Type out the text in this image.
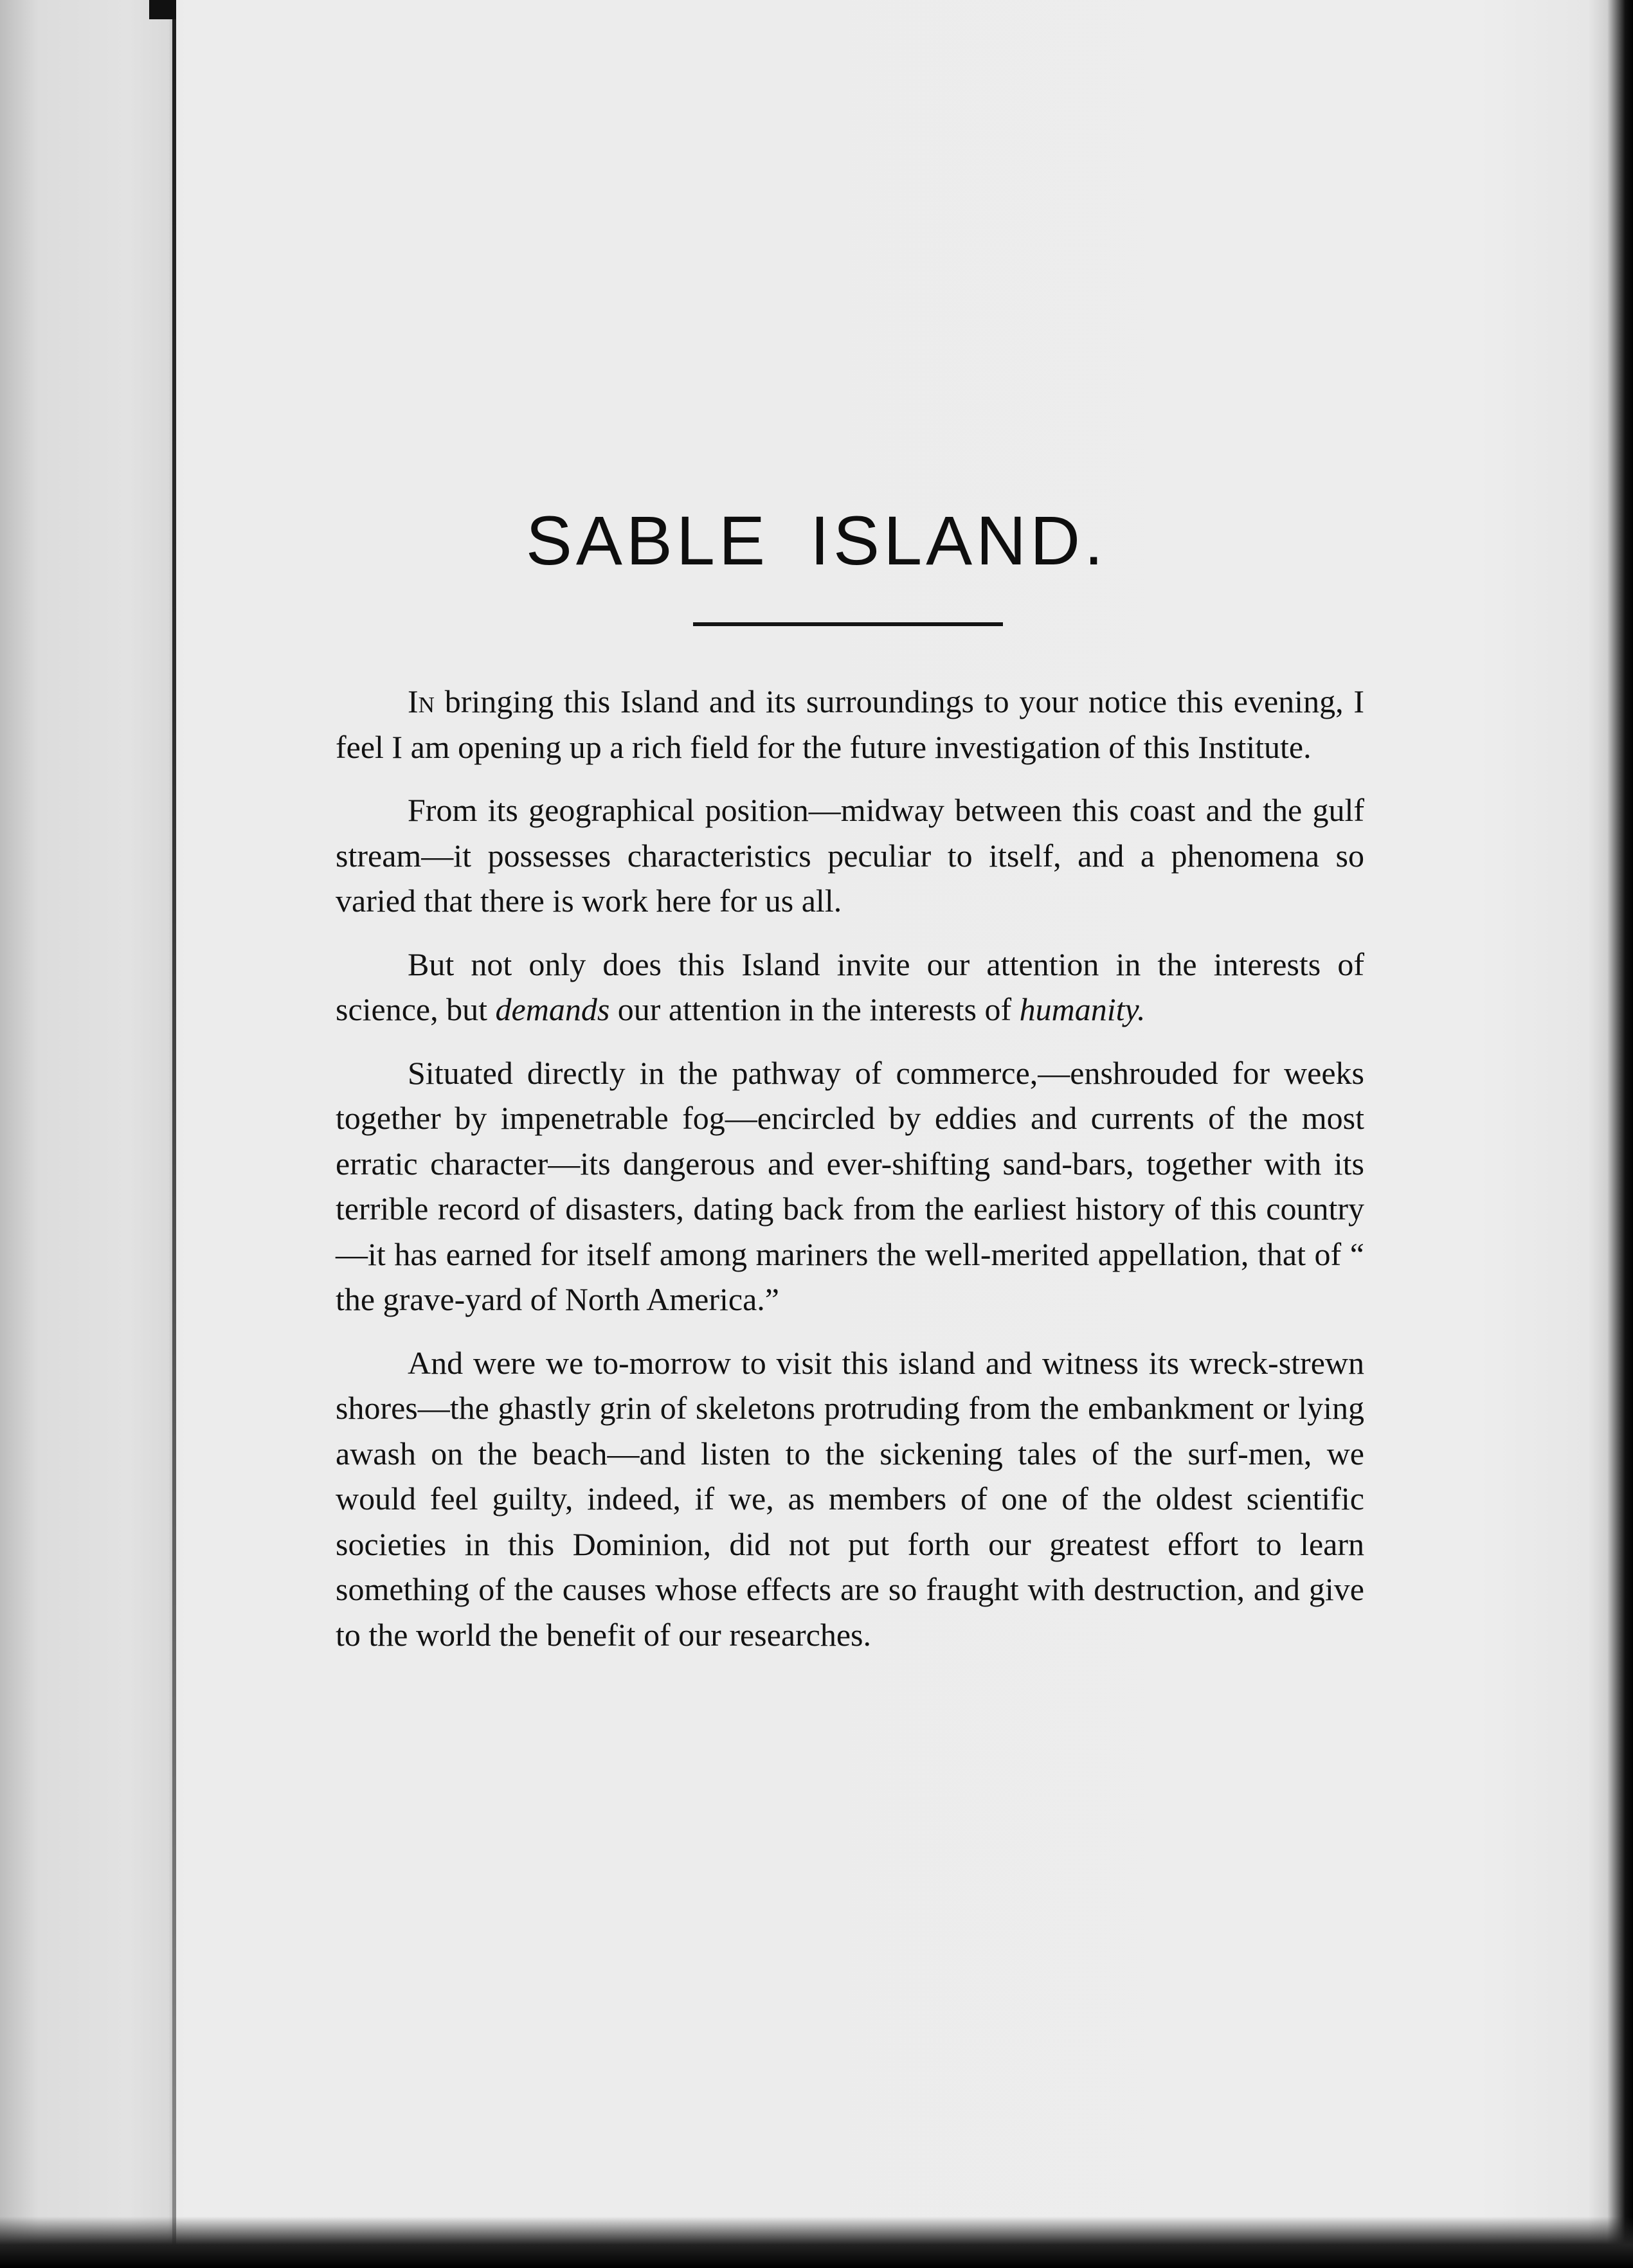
SABLE ISLAND.

In bringing this Island and its surroundings to your notice this evening, I feel I am opening up a rich field for the future investigation of this Institute.

From its geographical position—midway between this coast and the gulf stream—it possesses characteristics peculiar to itself, and a phenomena so varied that there is work here for us all.

But not only does this Island invite our attention in the interests of science, but demands our attention in the interests of humanity.

Situated directly in the pathway of commerce,—enshrouded for weeks together by impenetrable fog—encircled by eddies and currents of the most erratic character—its dangerous and ever-shifting sand-bars, together with its terrible record of disasters, dating back from the earliest history of this country—it has earned for itself among mariners the well-merited appellation, that of “ the grave-yard of North America.”

And were we to-morrow to visit this island and witness its wreck-strewn shores—the ghastly grin of skeletons protruding from the embankment or lying awash on the beach—and listen to the sickening tales of the surf-men, we would feel guilty, indeed, if we, as members of one of the oldest scientific societies in this Dominion, did not put forth our greatest effort to learn something of the causes whose effects are so fraught with destruction, and give to the world the benefit of our researches.
